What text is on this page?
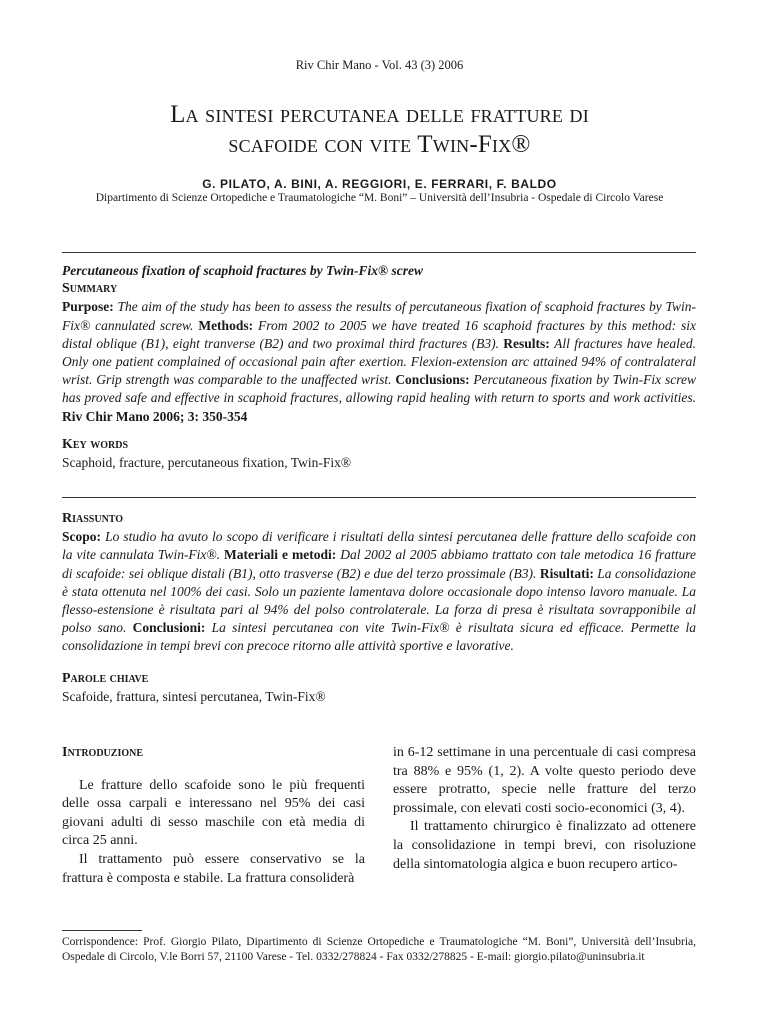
Riv Chir Mano - Vol. 43 (3) 2006
La sintesi percutanea delle fratture di
scafoide con vite Twin-Fix®
G. PILATO, A. BINI, A. REGGIORI, E. FERRARI, F. BALDO
Dipartimento di Scienze Ortopediche e Traumatologiche “M. Boni” – Università dell’Insubria - Ospedale di Circolo Varese
Percutaneous fixation of scaphoid fractures by Twin-Fix® screw
Summary
Purpose: The aim of the study has been to assess the results of percutaneous fixation of scaphoid fractures by Twin-Fix® cannulated screw. Methods: From 2002 to 2005 we have treated 16 scaphoid fractures by this method: six distal oblique (B1), eight tranverse (B2) and two proximal third fractures (B3). Results: All fractures have healed. Only one patient complained of occasional pain after exertion. Flexion-extension arc attained 94% of contralateral wrist. Grip strength was comparable to the unaffected wrist. Conclusions: Percutaneous fixation by Twin-Fix screw has proved safe and effective in scaphoid fractures, allowing rapid healing with return to sports and work activities. Riv Chir Mano 2006; 3: 350-354
Key words
Scaphoid, fracture, percutaneous fixation, Twin-Fix®
Riassunto
Scopo: Lo studio ha avuto lo scopo di verificare i risultati della sintesi percutanea delle fratture dello scafoide con la vite cannulata Twin-Fix®. Materiali e metodi: Dal 2002 al 2005 abbiamo trattato con tale metodica 16 fratture di scafoide: sei oblique distali (B1), otto trasverse (B2) e due del terzo prossimale (B3). Risultati: La consolidazione è stata ottenuta nel 100% dei casi. Solo un paziente lamentava dolore occasionale dopo intenso lavoro manuale. La flesso-estensione è risultata pari al 94% del polso controlaterale. La forza di presa è risultata sovrapponibile al polso sano. Conclusioni: La sintesi percutanea con vite Twin-Fix® è risultata sicura ed efficace. Permette la consolidazione in tempi brevi con precoce ritorno alle attività sportive e lavorative.
Parole chiave
Scafoide, frattura, sintesi percutanea, Twin-Fix®

Introduzione

Le fratture dello scafoide sono le più frequenti delle ossa carpali e interessano nel 95% dei casi giovani adulti di sesso maschile con età media di circa 25 anni.

Il trattamento può essere conservativo se la frattura è composta e stabile. La frattura consoliderà

in 6-12 settimane in una percentuale di casi compresa tra 88% e 95% (1, 2). A volte questo periodo deve essere protratto, specie nelle fratture del terzo prossimale, con elevati costi socio-economici (3, 4).

Il trattamento chirurgico è finalizzato ad ottenere la consolidazione in tempi brevi, con risoluzione della sintomatologia algica e buon recupero artico-

Corrispondence: Prof. Giorgio Pilato, Dipartimento di Scienze Ortopediche e Traumatologiche “M. Boni”, Università dell’Insubria, Ospedale di Circolo, V.le Borri 57, 21100 Varese - Tel. 0332/278824 - Fax 0332/278825 - E-mail: giorgio.pilato@uninsubria.it
